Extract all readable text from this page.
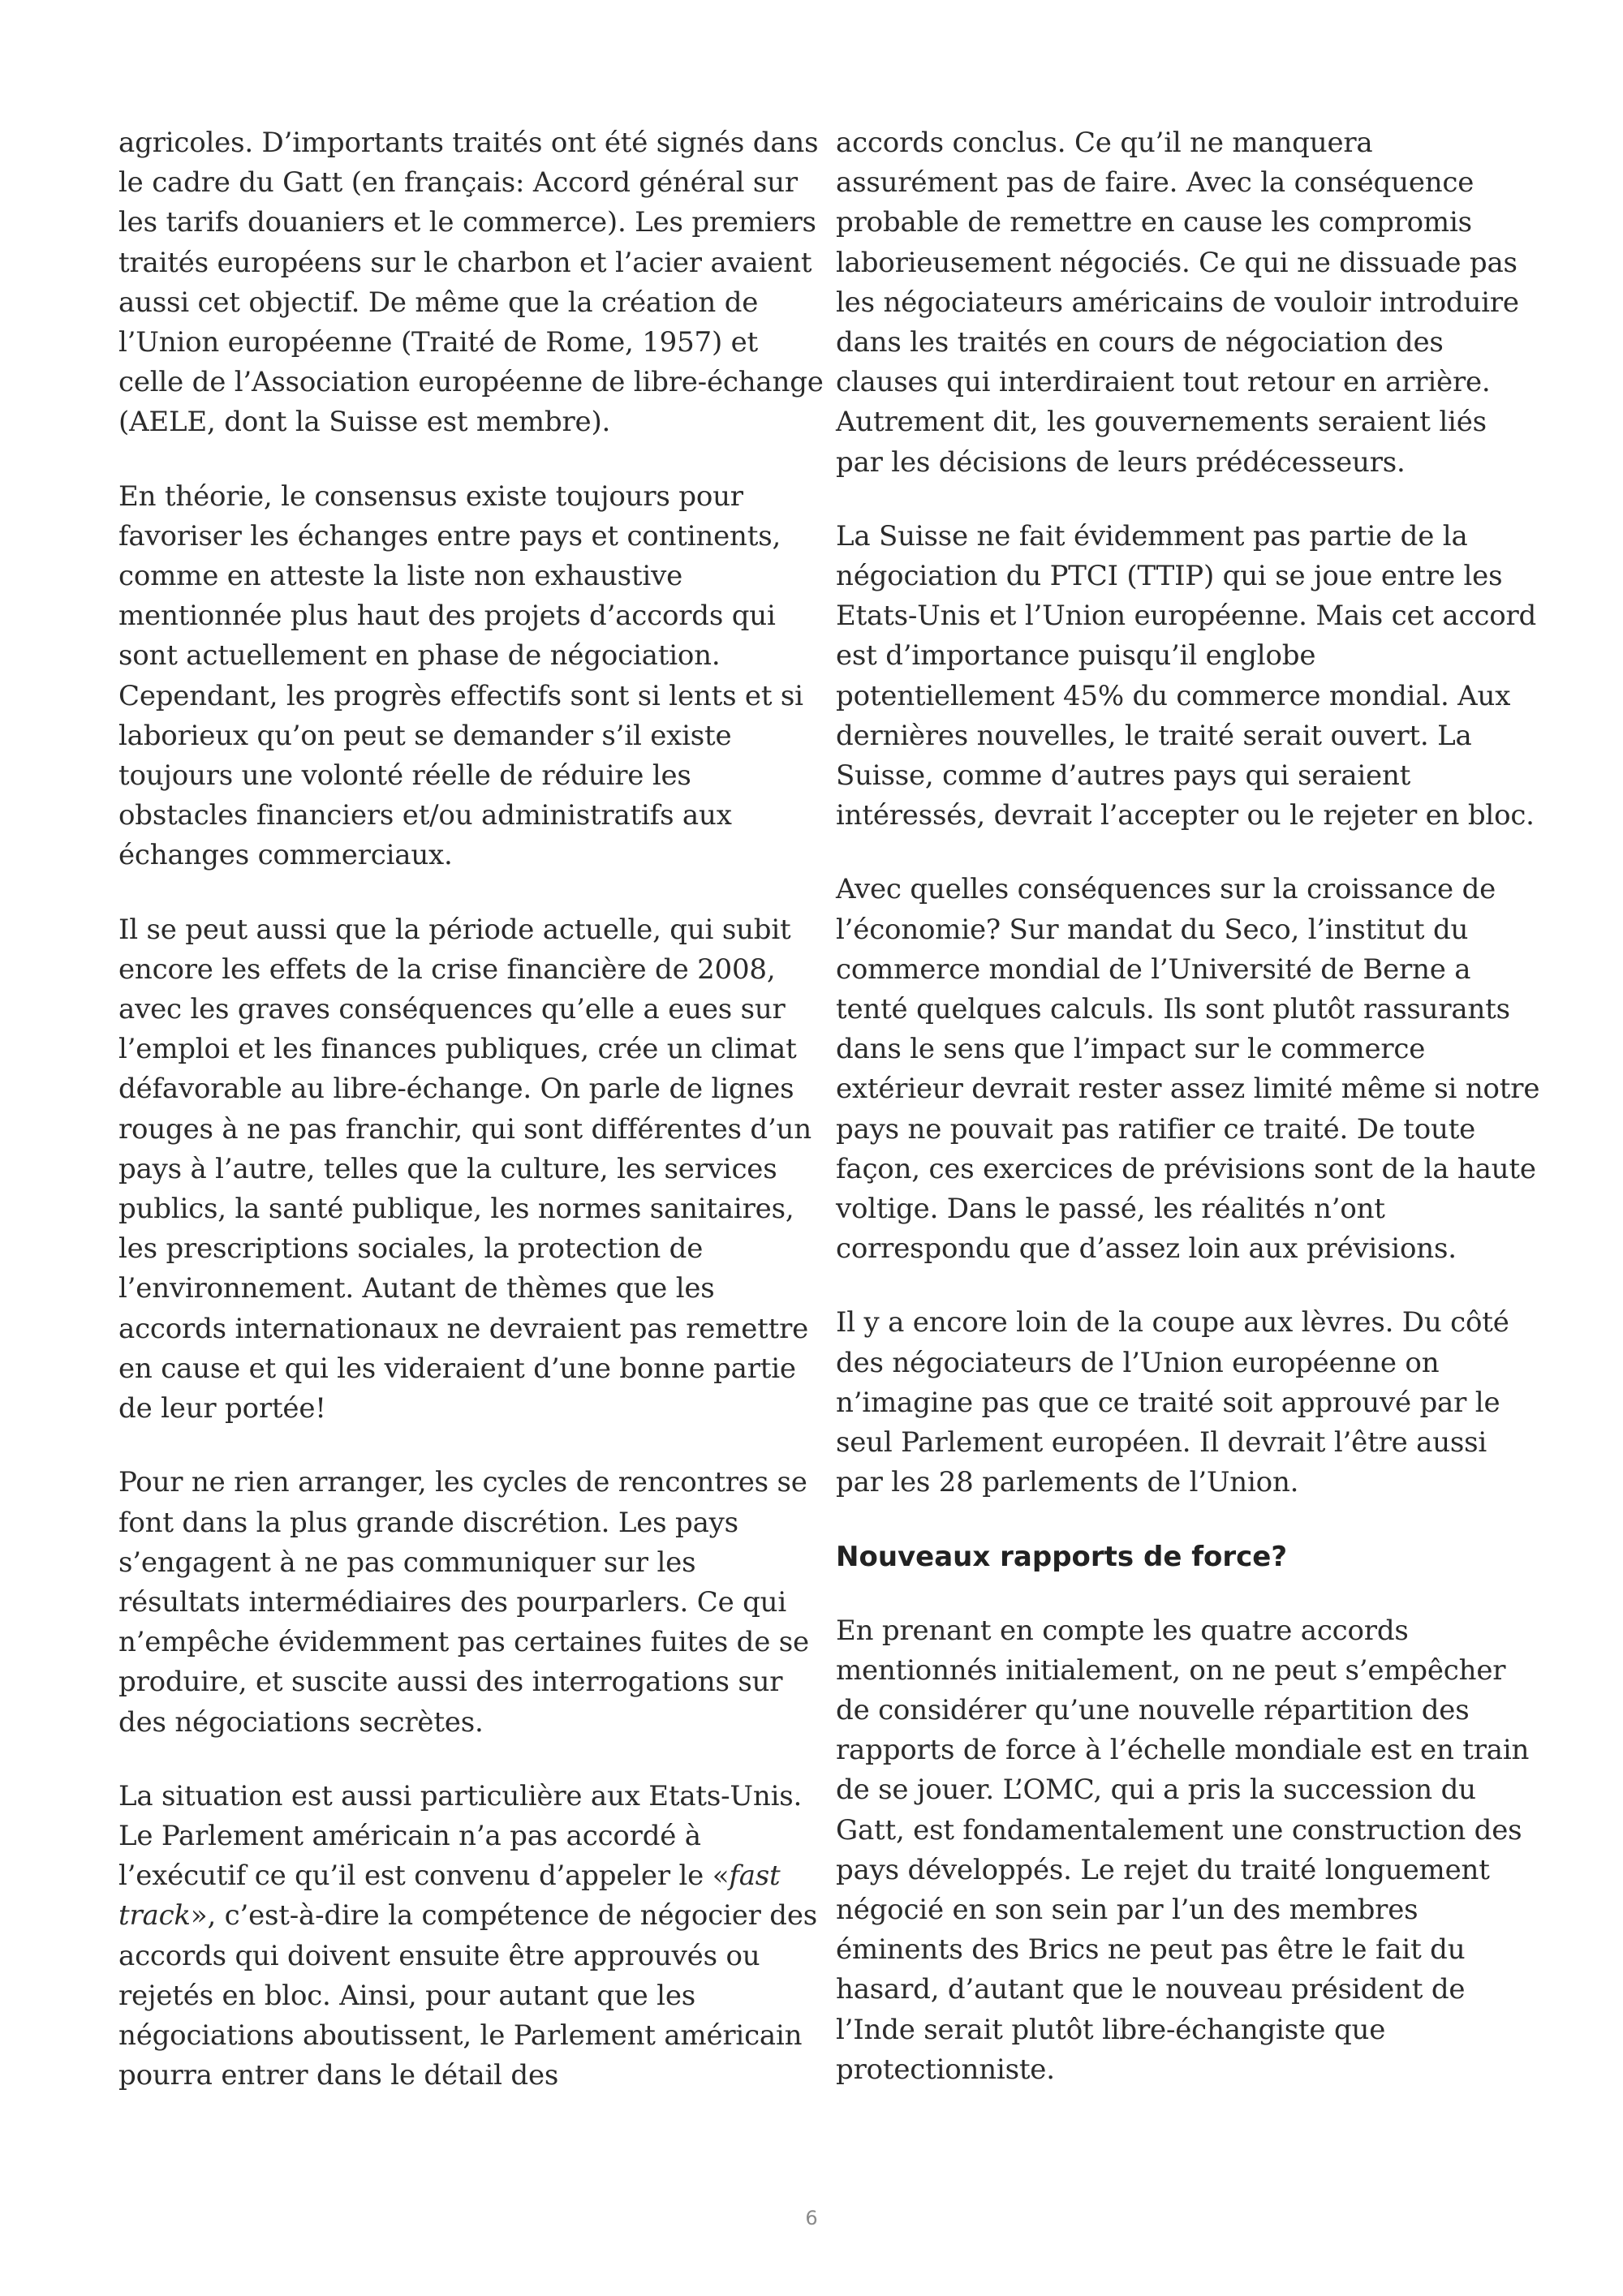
agricoles. D’importants traités ont été signés dans le cadre du Gatt (en français: Accord général sur les tarifs douaniers et le commerce). Les premiers traités européens sur le charbon et l’acier avaient aussi cet objectif. De même que la création de l’Union européenne (Traité de Rome, 1957) et celle de l’Association européenne de libre-échange (AELE, dont la Suisse est membre).

En théorie, le consensus existe toujours pour favoriser les échanges entre pays et continents, comme en atteste la liste non exhaustive mentionnée plus haut des projets d’accords qui sont actuellement en phase de négociation. Cependant, les progrès effectifs sont si lents et si laborieux qu’on peut se demander s’il existe toujours une volonté réelle de réduire les obstacles financiers et/ou administratifs aux échanges commerciaux.

Il se peut aussi que la période actuelle, qui subit encore les effets de la crise financière de 2008, avec les graves conséquences qu’elle a eues sur l’emploi et les finances publiques, crée un climat défavorable au libre-échange. On parle de lignes rouges à ne pas franchir, qui sont différentes d’un pays à l’autre, telles que la culture, les services publics, la santé publique, les normes sanitaires, les prescriptions sociales, la protection de l’environnement. Autant de thèmes que les accords internationaux ne devraient pas remettre en cause et qui les videraient d’une bonne partie de leur portée!

Pour ne rien arranger, les cycles de rencontres se font dans la plus grande discrétion. Les pays s’engagent à ne pas communiquer sur les résultats intermédiaires des pourparlers. Ce qui n’empêche évidemment pas certaines fuites de se produire, et suscite aussi des interrogations sur des négociations secrètes.

La situation est aussi particulière aux Etats-Unis. Le Parlement américain n’a pas accordé à l’exécutif ce qu’il est convenu d’appeler le «fast track», c’est-à-dire la compétence de négocier des accords qui doivent ensuite être approuvés ou rejetés en bloc. Ainsi, pour autant que les négociations aboutissent, le Parlement américain pourra entrer dans le détail des

accords conclus. Ce qu’il ne manquera assurément pas de faire. Avec la conséquence probable de remettre en cause les compromis laborieusement négociés. Ce qui ne dissuade pas les négociateurs américains de vouloir introduire dans les traités en cours de négociation des clauses qui interdiraient tout retour en arrière. Autrement dit, les gouvernements seraient liés par les décisions de leurs prédécesseurs.

La Suisse ne fait évidemment pas partie de la négociation du PTCI (TTIP) qui se joue entre les Etats-Unis et l’Union européenne. Mais cet accord est d’importance puisqu’il englobe potentiellement 45% du commerce mondial. Aux dernières nouvelles, le traité serait ouvert. La Suisse, comme d’autres pays qui seraient intéressés, devrait l’accepter ou le rejeter en bloc.

Avec quelles conséquences sur la croissance de l’économie? Sur mandat du Seco, l’institut du commerce mondial de l’Université de Berne a tenté quelques calculs. Ils sont plutôt rassurants dans le sens que l’impact sur le commerce extérieur devrait rester assez limité même si notre pays ne pouvait pas ratifier ce traité. De toute façon, ces exercices de prévisions sont de la haute voltige. Dans le passé, les réalités n’ont correspondu que d’assez loin aux prévisions.

Il y a encore loin de la coupe aux lèvres. Du côté des négociateurs de l’Union européenne on n’imagine pas que ce traité soit approuvé par le seul Parlement européen. Il devrait l’être aussi par les 28 parlements de l’Union.

Nouveaux rapports de force?

En prenant en compte les quatre accords mentionnés initialement, on ne peut s’empêcher de considérer qu’une nouvelle répartition des rapports de force à l’échelle mondiale est en train de se jouer. L’OMC, qui a pris la succession du Gatt, est fondamentalement une construction des pays développés. Le rejet du traité longuement négocié en son sein par l’un des membres éminents des Brics ne peut pas être le fait du hasard, d’autant que le nouveau président de l’Inde serait plutôt libre-échangiste que protectionniste.

6
